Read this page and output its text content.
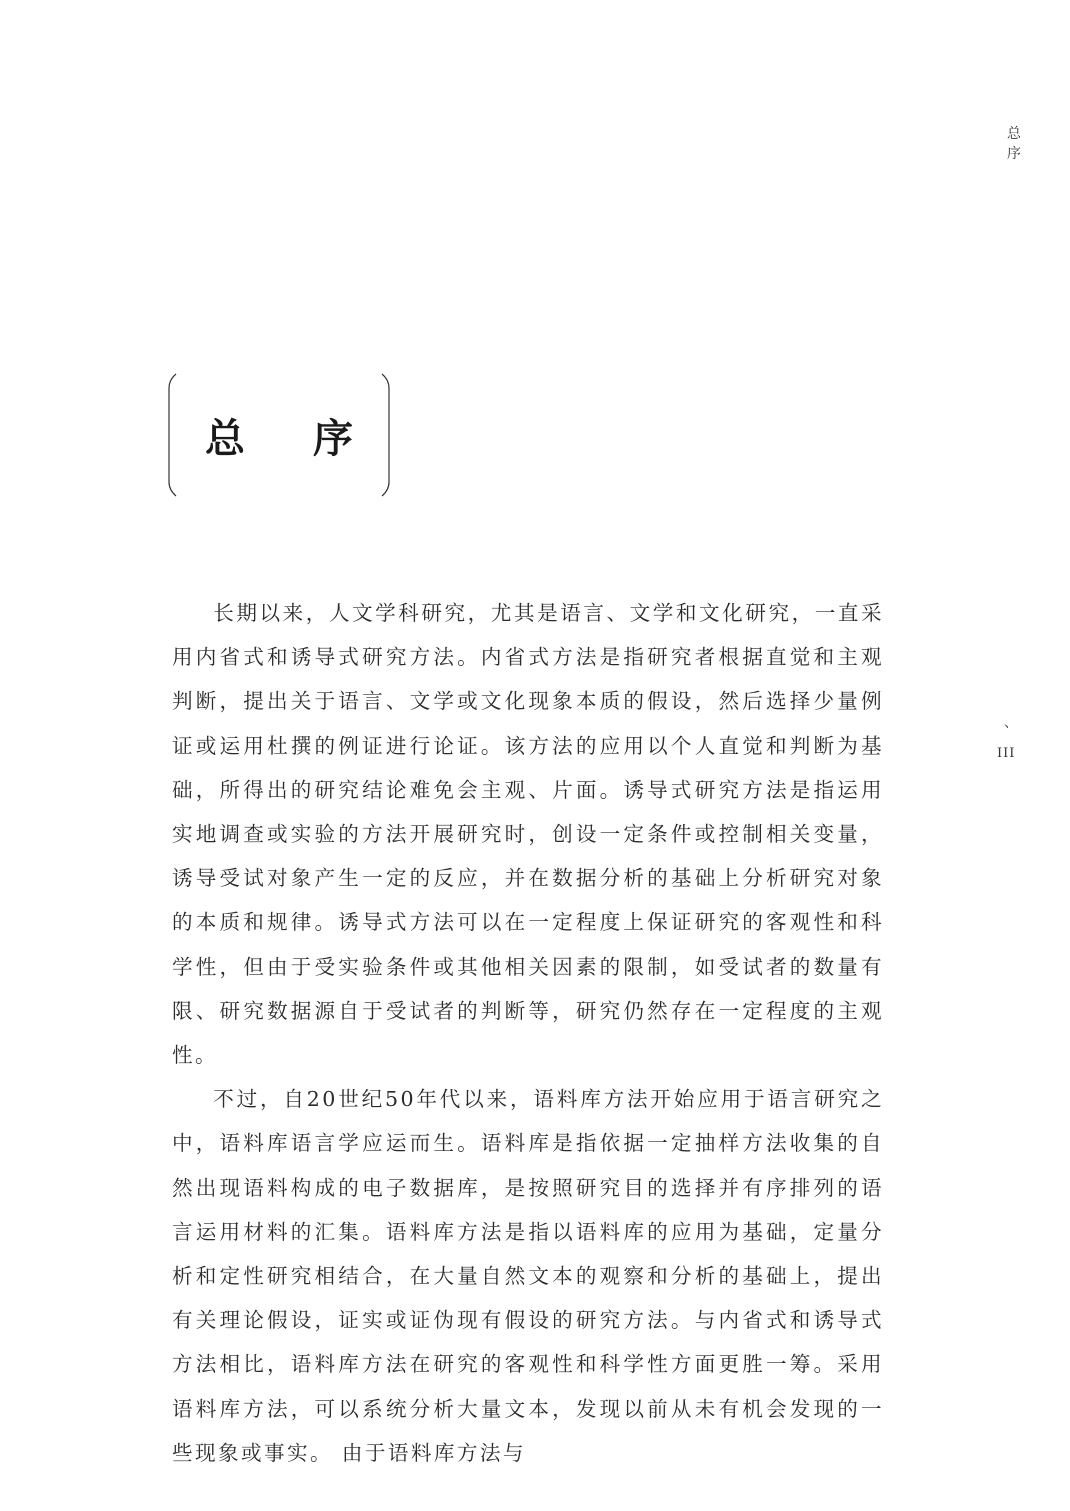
总
序
、
III
总 序

长期以来，人文学科研究，尤其是语言、文学和文化研究，一直采用内省式和诱导式研究方法。内省式方法是指研究者根据直觉和主观判断，提出关于语言、文学或文化现象本质的假设，然后选择少量例证或运用杜撰的例证进行论证。该方法的应用以个人直觉和判断为基础，所得出的研究结论难免会主观、片面。诱导式研究方法是指运用实地调查或实验的方法开展研究时，创设一定条件或控制相关变量，诱导受试对象产生一定的反应，并在数据分析的基础上分析研究对象的本质和规律。诱导式方法可以在一定程度上保证研究的客观性和科学性，但由于受实验条件或其他相关因素的限制，如受试者的数量有限、研究数据源自于受试者的判断等，研究仍然存在一定程度的主观性。

不过，自20世纪50年代以来，语料库方法开始应用于语言研究之中，语料库语言学应运而生。语料库是指依据一定抽样方法收集的自然出现语料构成的电子数据库，是按照研究目的选择并有序排列的语言运用材料的汇集。语料库方法是指以语料库的应用为基础，定量分析和定性研究相结合，在大量自然文本的观察和分析的基础上，提出有关理论假设，证实或证伪现有假设的研究方法。与内省式和诱导式方法相比，语料库方法在研究的客观性和科学性方面更胜一筹。采用语料库方法，可以系统分析大量文本，发现以前从未有机会发现的一些现象或事实。 由于语料库方法与
